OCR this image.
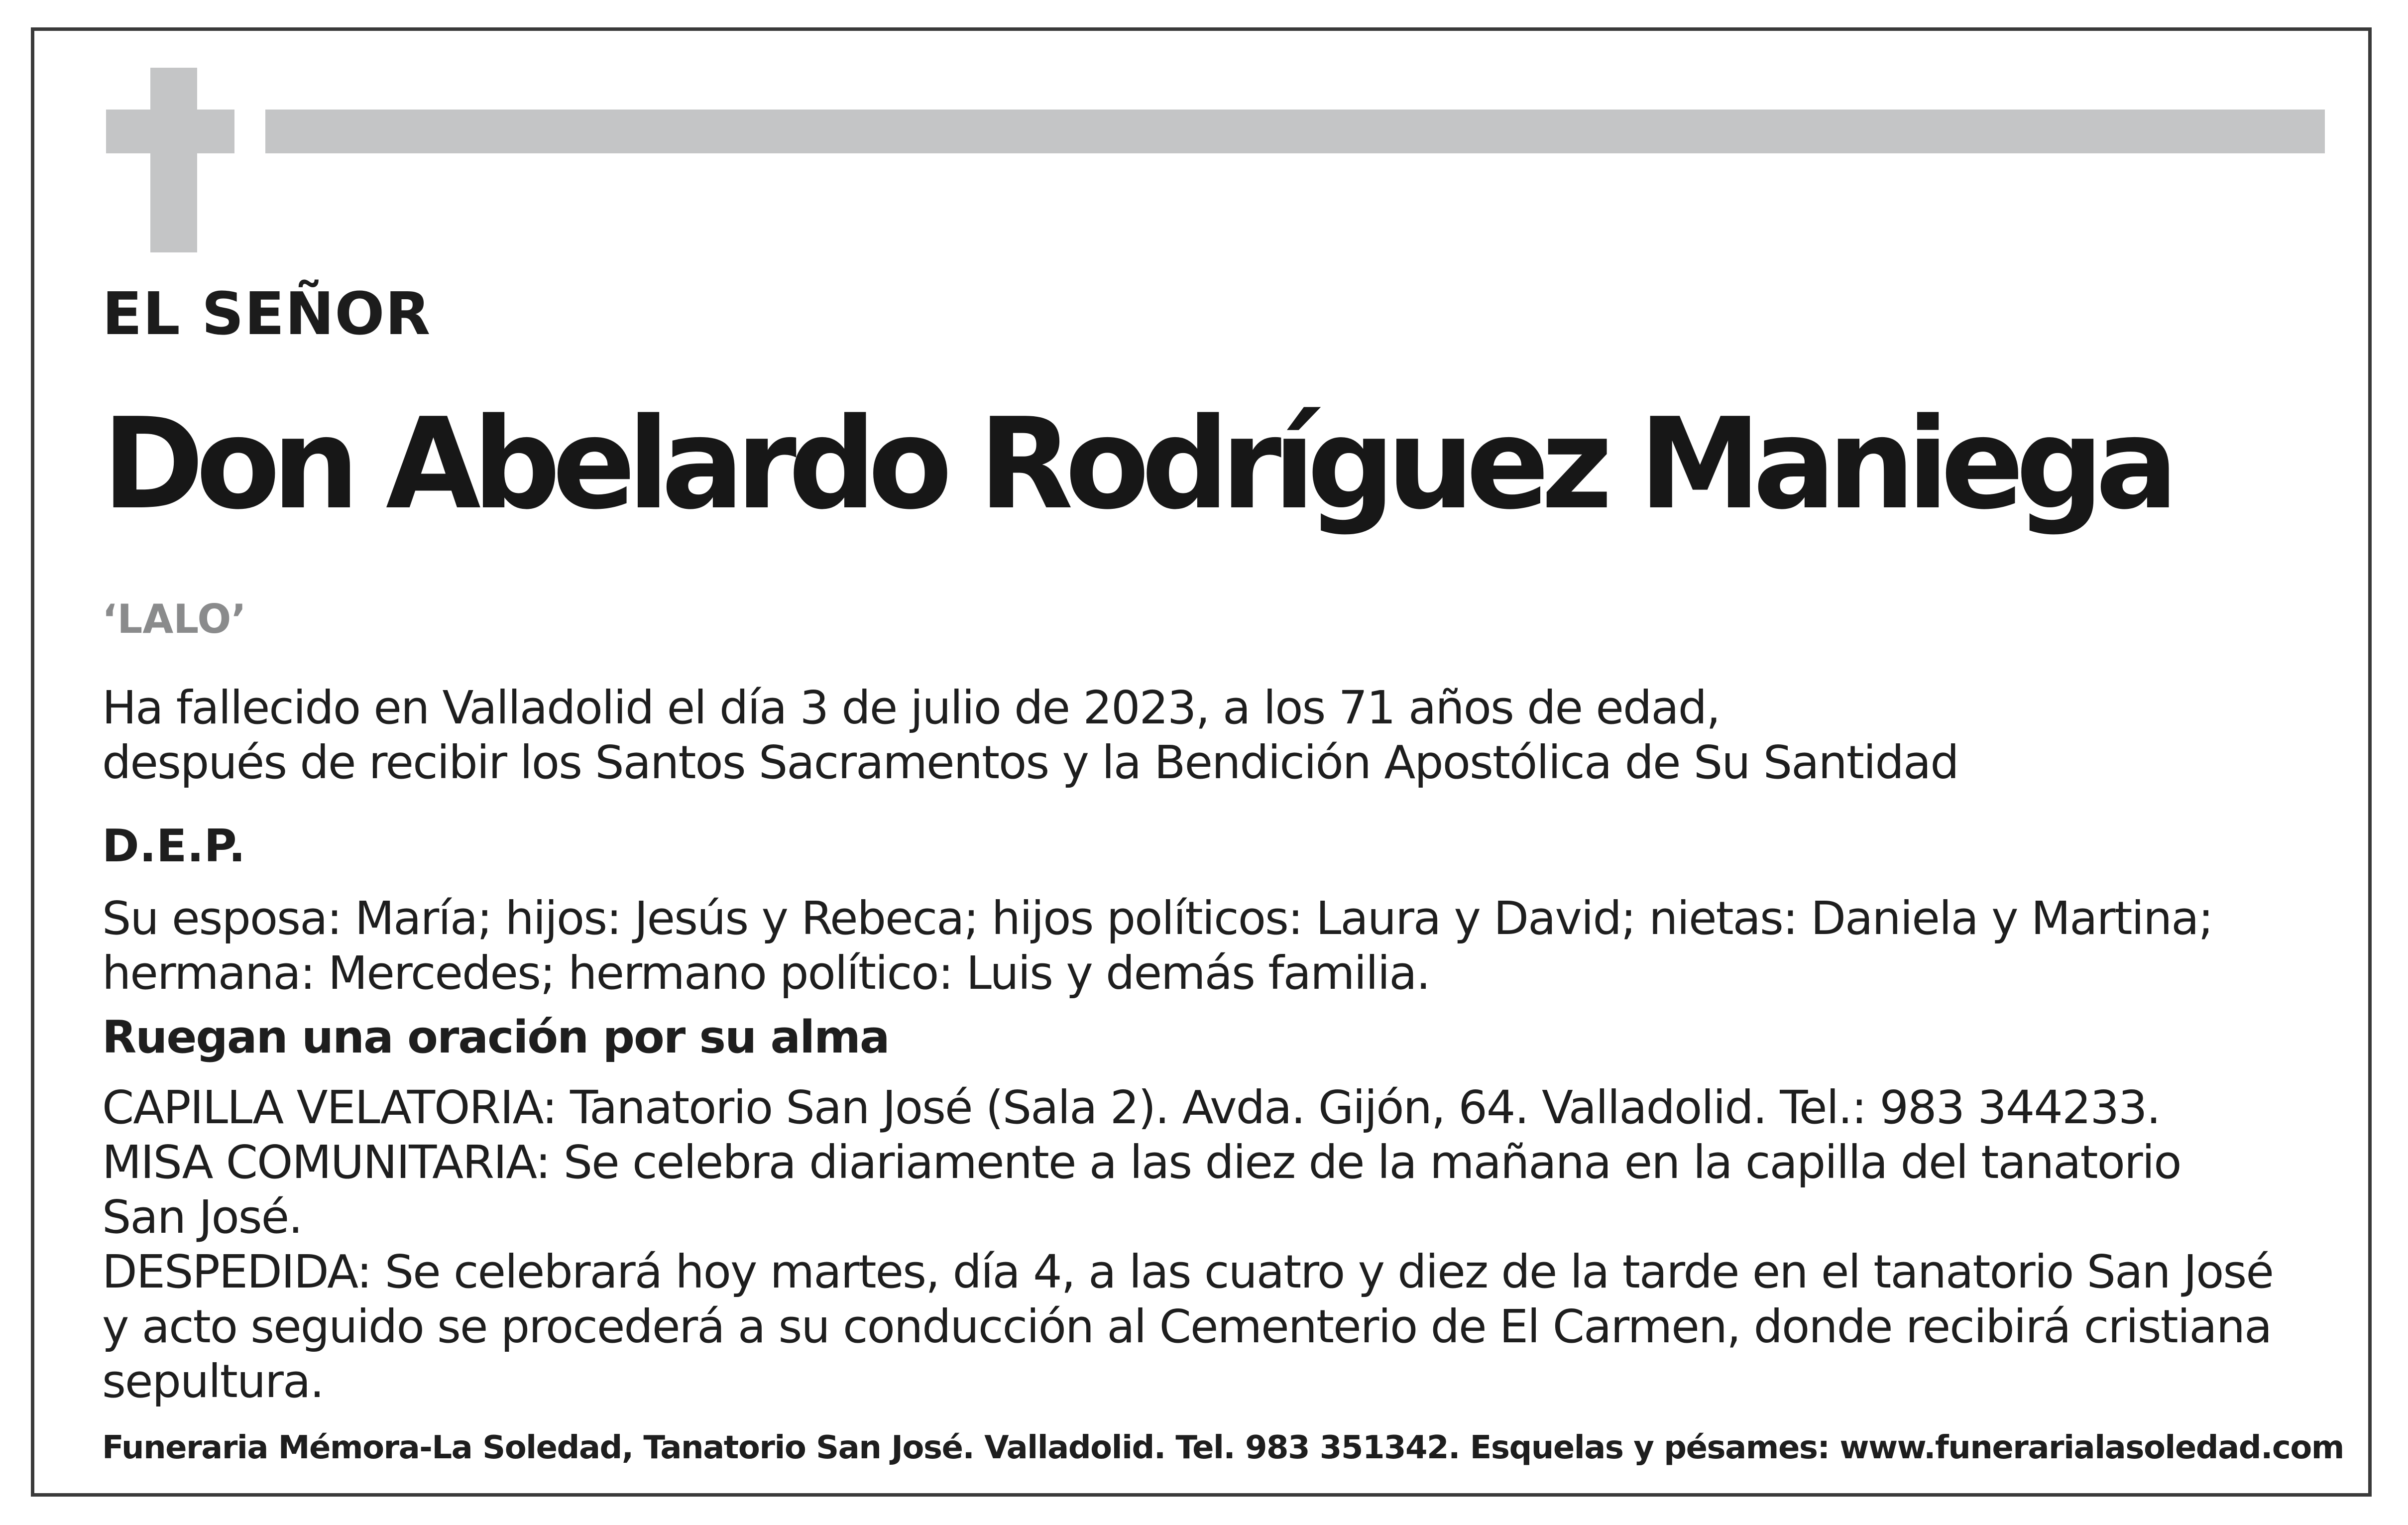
EL SEÑOR

Don Abelardo Rodríguez Maniega

‘LALO’

Ha fallecido en Valladolid el día 3 de julio de 2023, a los 71 años de edad,
después de recibir los Santos Sacramentos y la Bendición Apostólica de Su Santidad

D.E.P.

Su esposa: María; hijos: Jesús y Rebeca; hijos políticos: Laura y David; nietas: Daniela y Martina;
hermana: Mercedes; hermano político: Luis y demás familia.

Ruegan una oración por su alma

CAPILLA VELATORIA: Tanatorio San José (Sala 2). Avda. Gijón, 64. Valladolid. Tel.: 983 344233.
MISA COMUNITARIA: Se celebra diariamente a las diez de la mañana en la capilla del tanatorio
San José.
DESPEDIDA: Se celebrará hoy martes, día 4, a las cuatro y diez de la tarde en el tanatorio San José
y acto seguido se procederá a su conducción al Cementerio de El Carmen, donde recibirá cristiana
sepultura.

Funeraria Mémora-La Soledad, Tanatorio San José. Valladolid. Tel. 983 351342. Esquelas y pésames: www.funerarialasoledad.com
